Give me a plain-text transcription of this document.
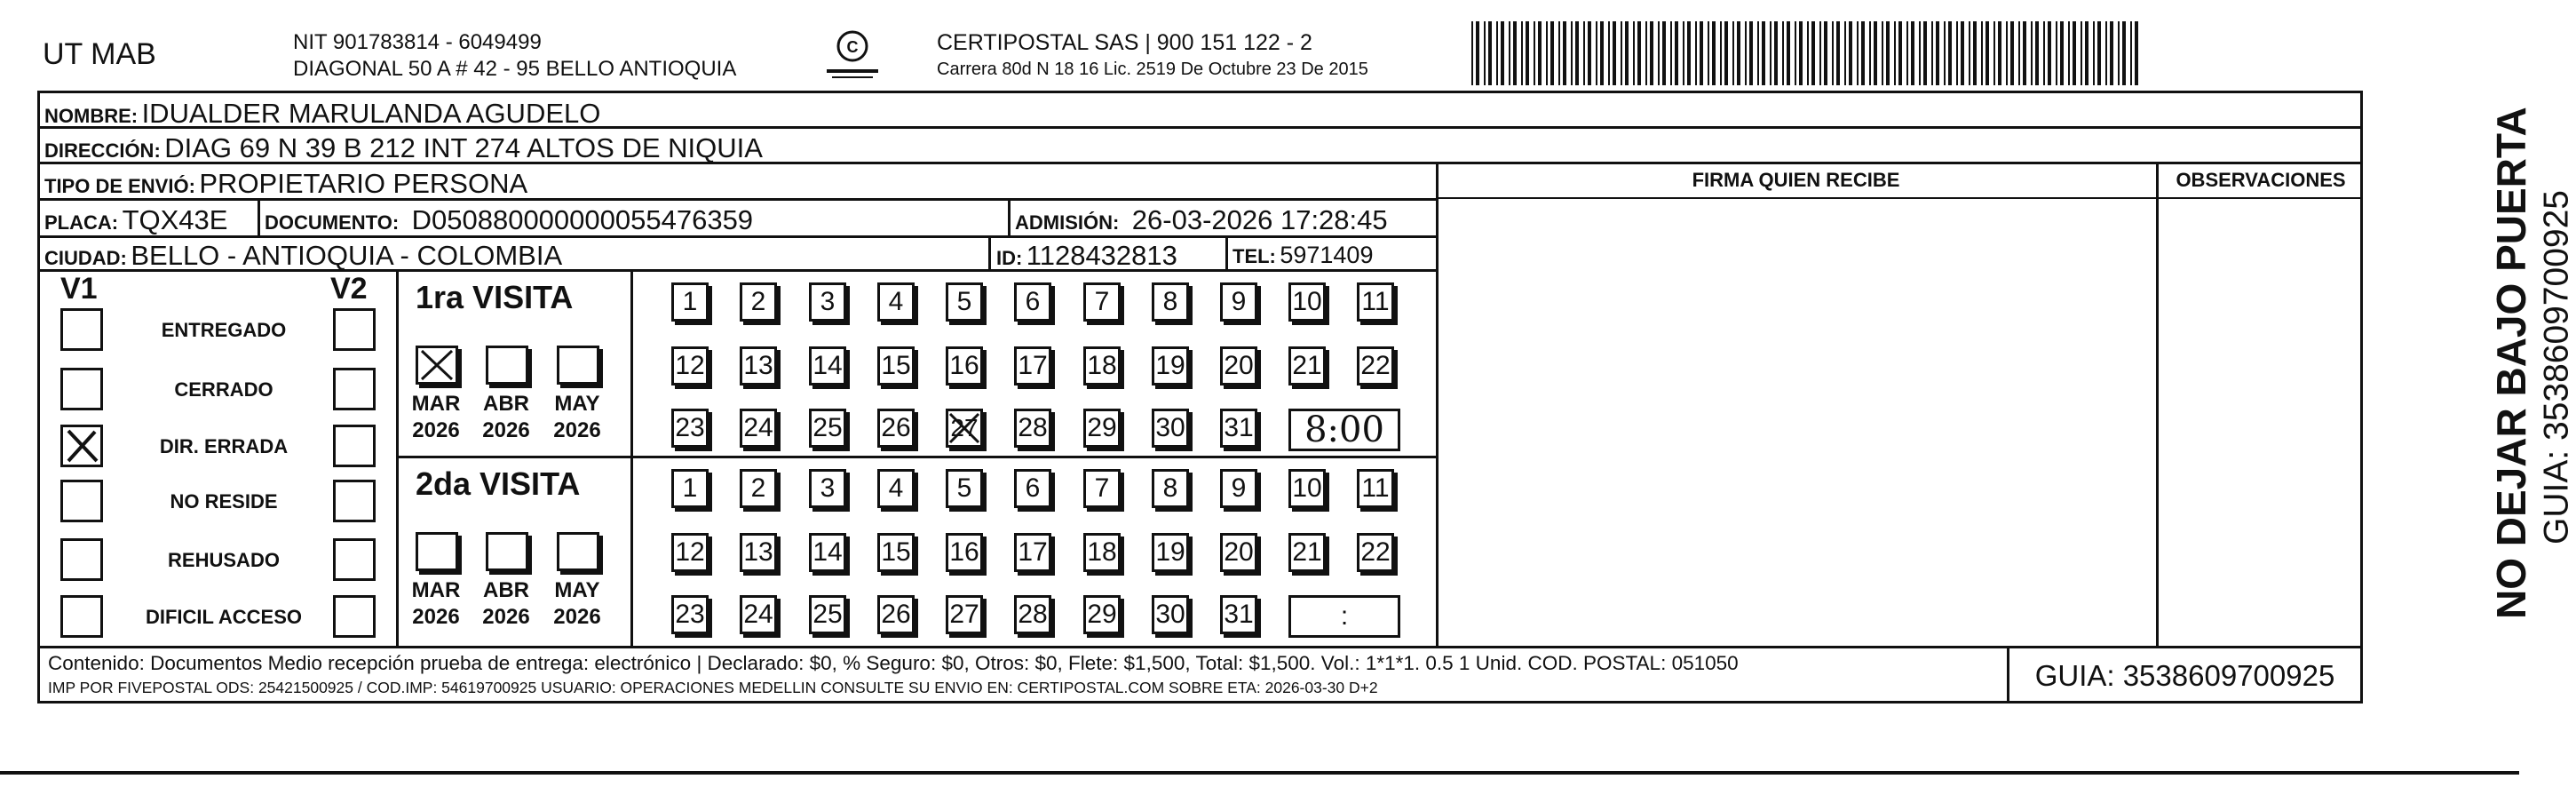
UT MAB	NIT 901783814 - 6049499
DIAGONAL 50 A # 42 - 95 BELLO ANTIOQUIA
C	CERTIPOSTAL SAS | 900 151 122 - 2
Carrera 80d N 18 16 Lic. 2519 De Octubre 23 De 2015
NOMBRE: IDUALDER MARULANDA AGUDELO
DIRECCIÓN: DIAG 69 N 39 B 212 INT 274 ALTOS DE NIQUIA
TIPO DE ENVIÓ: PROPIETARIO PERSONA
PLACA: TQX43E DOCUMENTO: D050880000000055476359	ADMISIÓN: 26-03-2026 17:28:45
CIUDAD: BELLO - ANTIOQUIA - COLOMBIA	ID: 1128432813	TEL: 5971409
FIRMA QUIEN RECIBE	OBSERVACIONES
V1	V2
ENTREGADO
CERRADO
DIR. ERRADA
NO RESIDE
REHUSADO
DIFICIL ACCESO
1ra VISITA
MAR
2026
ABR
2026
MAY
2026
1	2	3	4	5	6	7	8	9	10 11
12 13 14 15 16 17 18 19 20 21 22
23 24 25 26 27 28 29 30 31	8:00
2da VISITA
MAR
2026
ABR
2026
MAY
2026
1	2	3	4	5	6	7	8	9	10 11
12 13 14 15 16 17 18 19 20 21 22
23 24 25 26 27 28 29 30 31	:
Contenido: Documentos Medio recepción prueba de entrega: electrónico | Declarado: $0, % Seguro: $0, Otros: $0, Flete: $1,500, Total: $1,500. Vol.: 1*1*1. 0.5 1 Unid. COD. POSTAL: 051050
IMP POR FIVEPOSTAL ODS: 25421500925 / COD.IMP: 54619700925 USUARIO: OPERACIONES MEDELLIN CONSULTE SU ENVIO EN: CERTIPOSTAL.COM SOBRE ETA: 2026-03-30 D+2	GUIA: 3538609700925
NO DEJAR BAJO PUERTA GUIA: 3538609700925
